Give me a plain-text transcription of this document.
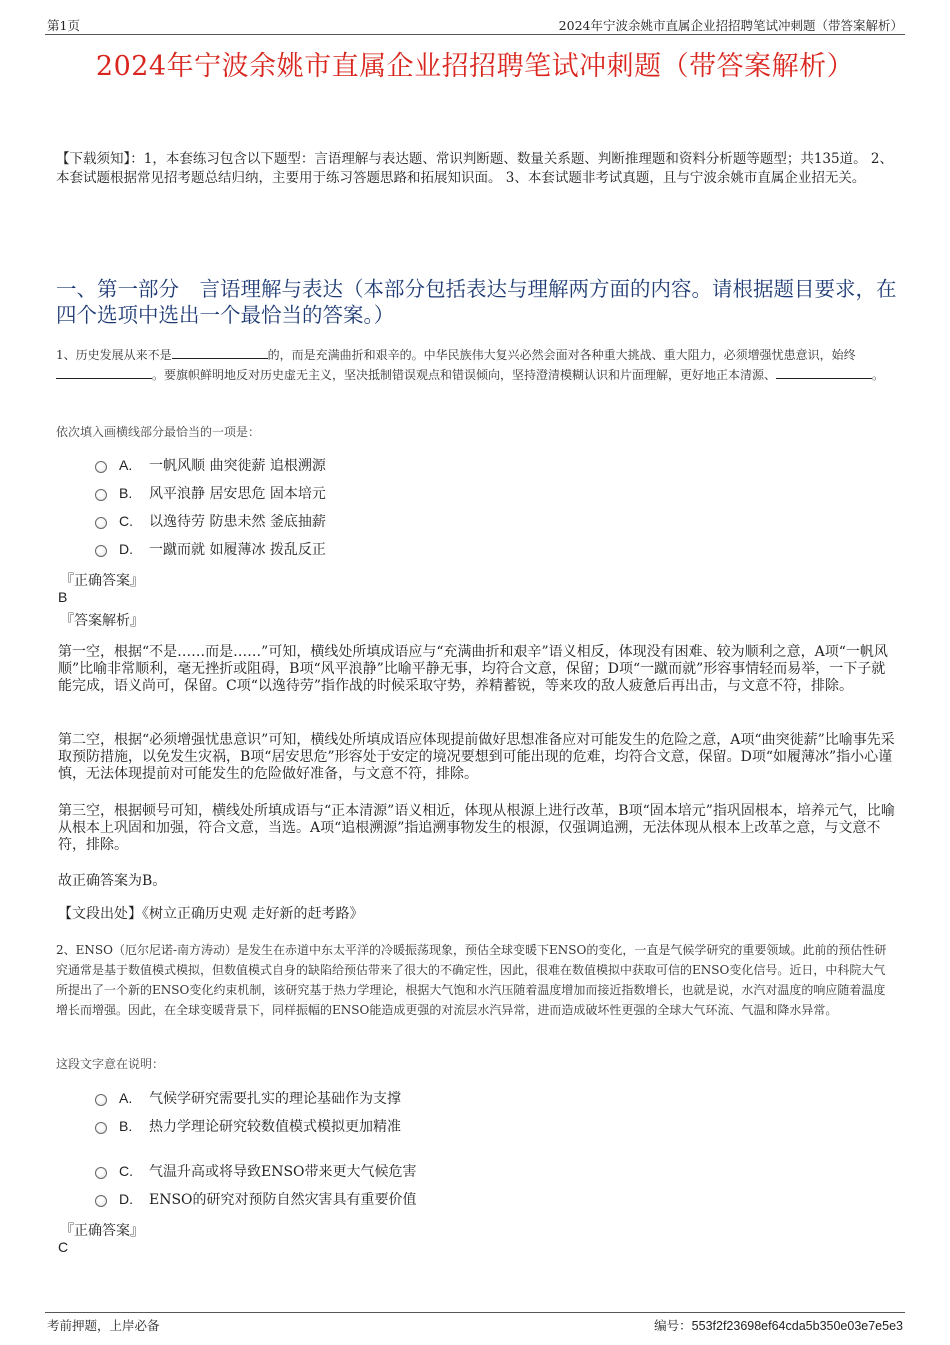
第1页	2024年宁波余姚市直属企业招招聘笔试冲刺题（带答案解析）
2024年宁波余姚市直属企业招招聘笔试冲刺题（带答案解析）
【下载须知】：1，本套练习包含以下题型：言语理解与表达题、常识判断题、数量关系题、判断推理题和资料分析题等题型；共135道。 2、本套试题根据常见招考题总结归纳，主要用于练习答题思路和拓展知识面。 3、本套试题非考试真题，且与宁波余姚市直属企业招无关。
一、第一部分　言语理解与表达（本部分包括表达与理解两方面的内容。请根据题目要求，在四个选项中选出一个最恰当的答案。）
1、历史发展从来不是	的，而是充满曲折和艰辛的。中华民族伟大复兴必然会面对各种重大挑战、重大阻力，必须增强忧患意识，始终。要旗帜鲜明地反对历史虚无主义，坚决抵制错误观点和错误倾向，坚持澄清模糊认识和片面理解，更好地正本清源、	。
依次填入画横线部分最恰当的一项是：
A.	一帆风顺 曲突徙薪 追根溯源
B.	风平浪静 居安思危 固本培元
C.	以逸待劳 防患未然 釜底抽薪
D.	一蹴而就 如履薄冰 拨乱反正
『正确答案』
B
『答案解析』
第一空，根据“不是……而是……”可知，横线处所填成语应与“充满曲折和艰辛”语义相反，体现没有困难、较为顺利之意，A项“一帆风顺”比喻非常顺利，毫无挫折或阻碍，B项“风平浪静”比喻平静无事，均符合文意，保留；D项“一蹴而就”形容事情轻而易举，一下子就能完成，语义尚可，保留。C项“以逸待劳”指作战的时候采取守势，养精蓄锐，等来攻的敌人疲惫后再出击，与文意不符，排除。
第二空，根据“必须增强忧患意识”可知，横线处所填成语应体现提前做好思想准备应对可能发生的危险之意，A项“曲突徙薪”比喻事先采取预防措施，以免发生灾祸，B项“居安思危”形容处于安定的境况要想到可能出现的危难，均符合文意，保留。D项“如履薄冰”指小心谨慎，无法体现提前对可能发生的危险做好准备，与文意不符，排除。
第三空，根据顿号可知，横线处所填成语与“正本清源”语义相近，体现从根源上进行改革，B项“固本培元”指巩固根本，培养元气，比喻从根本上巩固和加强，符合文意，当选。A项“追根溯源”指追溯事物发生的根源，仅强调追溯，无法体现从根本上改革之意，与文意不符，排除。
故正确答案为B。
【文段出处】《树立正确历史观 走好新的赶考路》
2、ENSO（厄尔尼诺-南方涛动）是发生在赤道中东太平洋的冷暖振荡现象，预估全球变暖下ENSO的变化，一直是气候学研究的重要领域。此前的预估性研究通常是基于数值模式模拟，但数值模式自身的缺陷给预估带来了很大的不确定性，因此，很难在数值模拟中获取可信的ENSO变化信号。近日，中科院大气所提出了一个新的ENSO变化约束机制，该研究基于热力学理论，根据大气饱和水汽压随着温度增加而接近指数增长，也就是说，水汽对温度的响应随着温度增长而增强。因此，在全球变暖背景下，同样振幅的ENSO能造成更强的对流层水汽异常，进而造成破坏性更强的全球大气环流、气温和降水异常。
这段文字意在说明：
A.	气候学研究需要扎实的理论基础作为支撑
B.	热力学理论研究较数值模式模拟更加精准
C.	气温升高或将导致ENSO带来更大气候危害
D.	ENSO的研究对预防自然灾害具有重要价值
『正确答案』
C
考前押题，上岸必备	编号：553f2f23698ef64cda5b350e03e7e5e3
